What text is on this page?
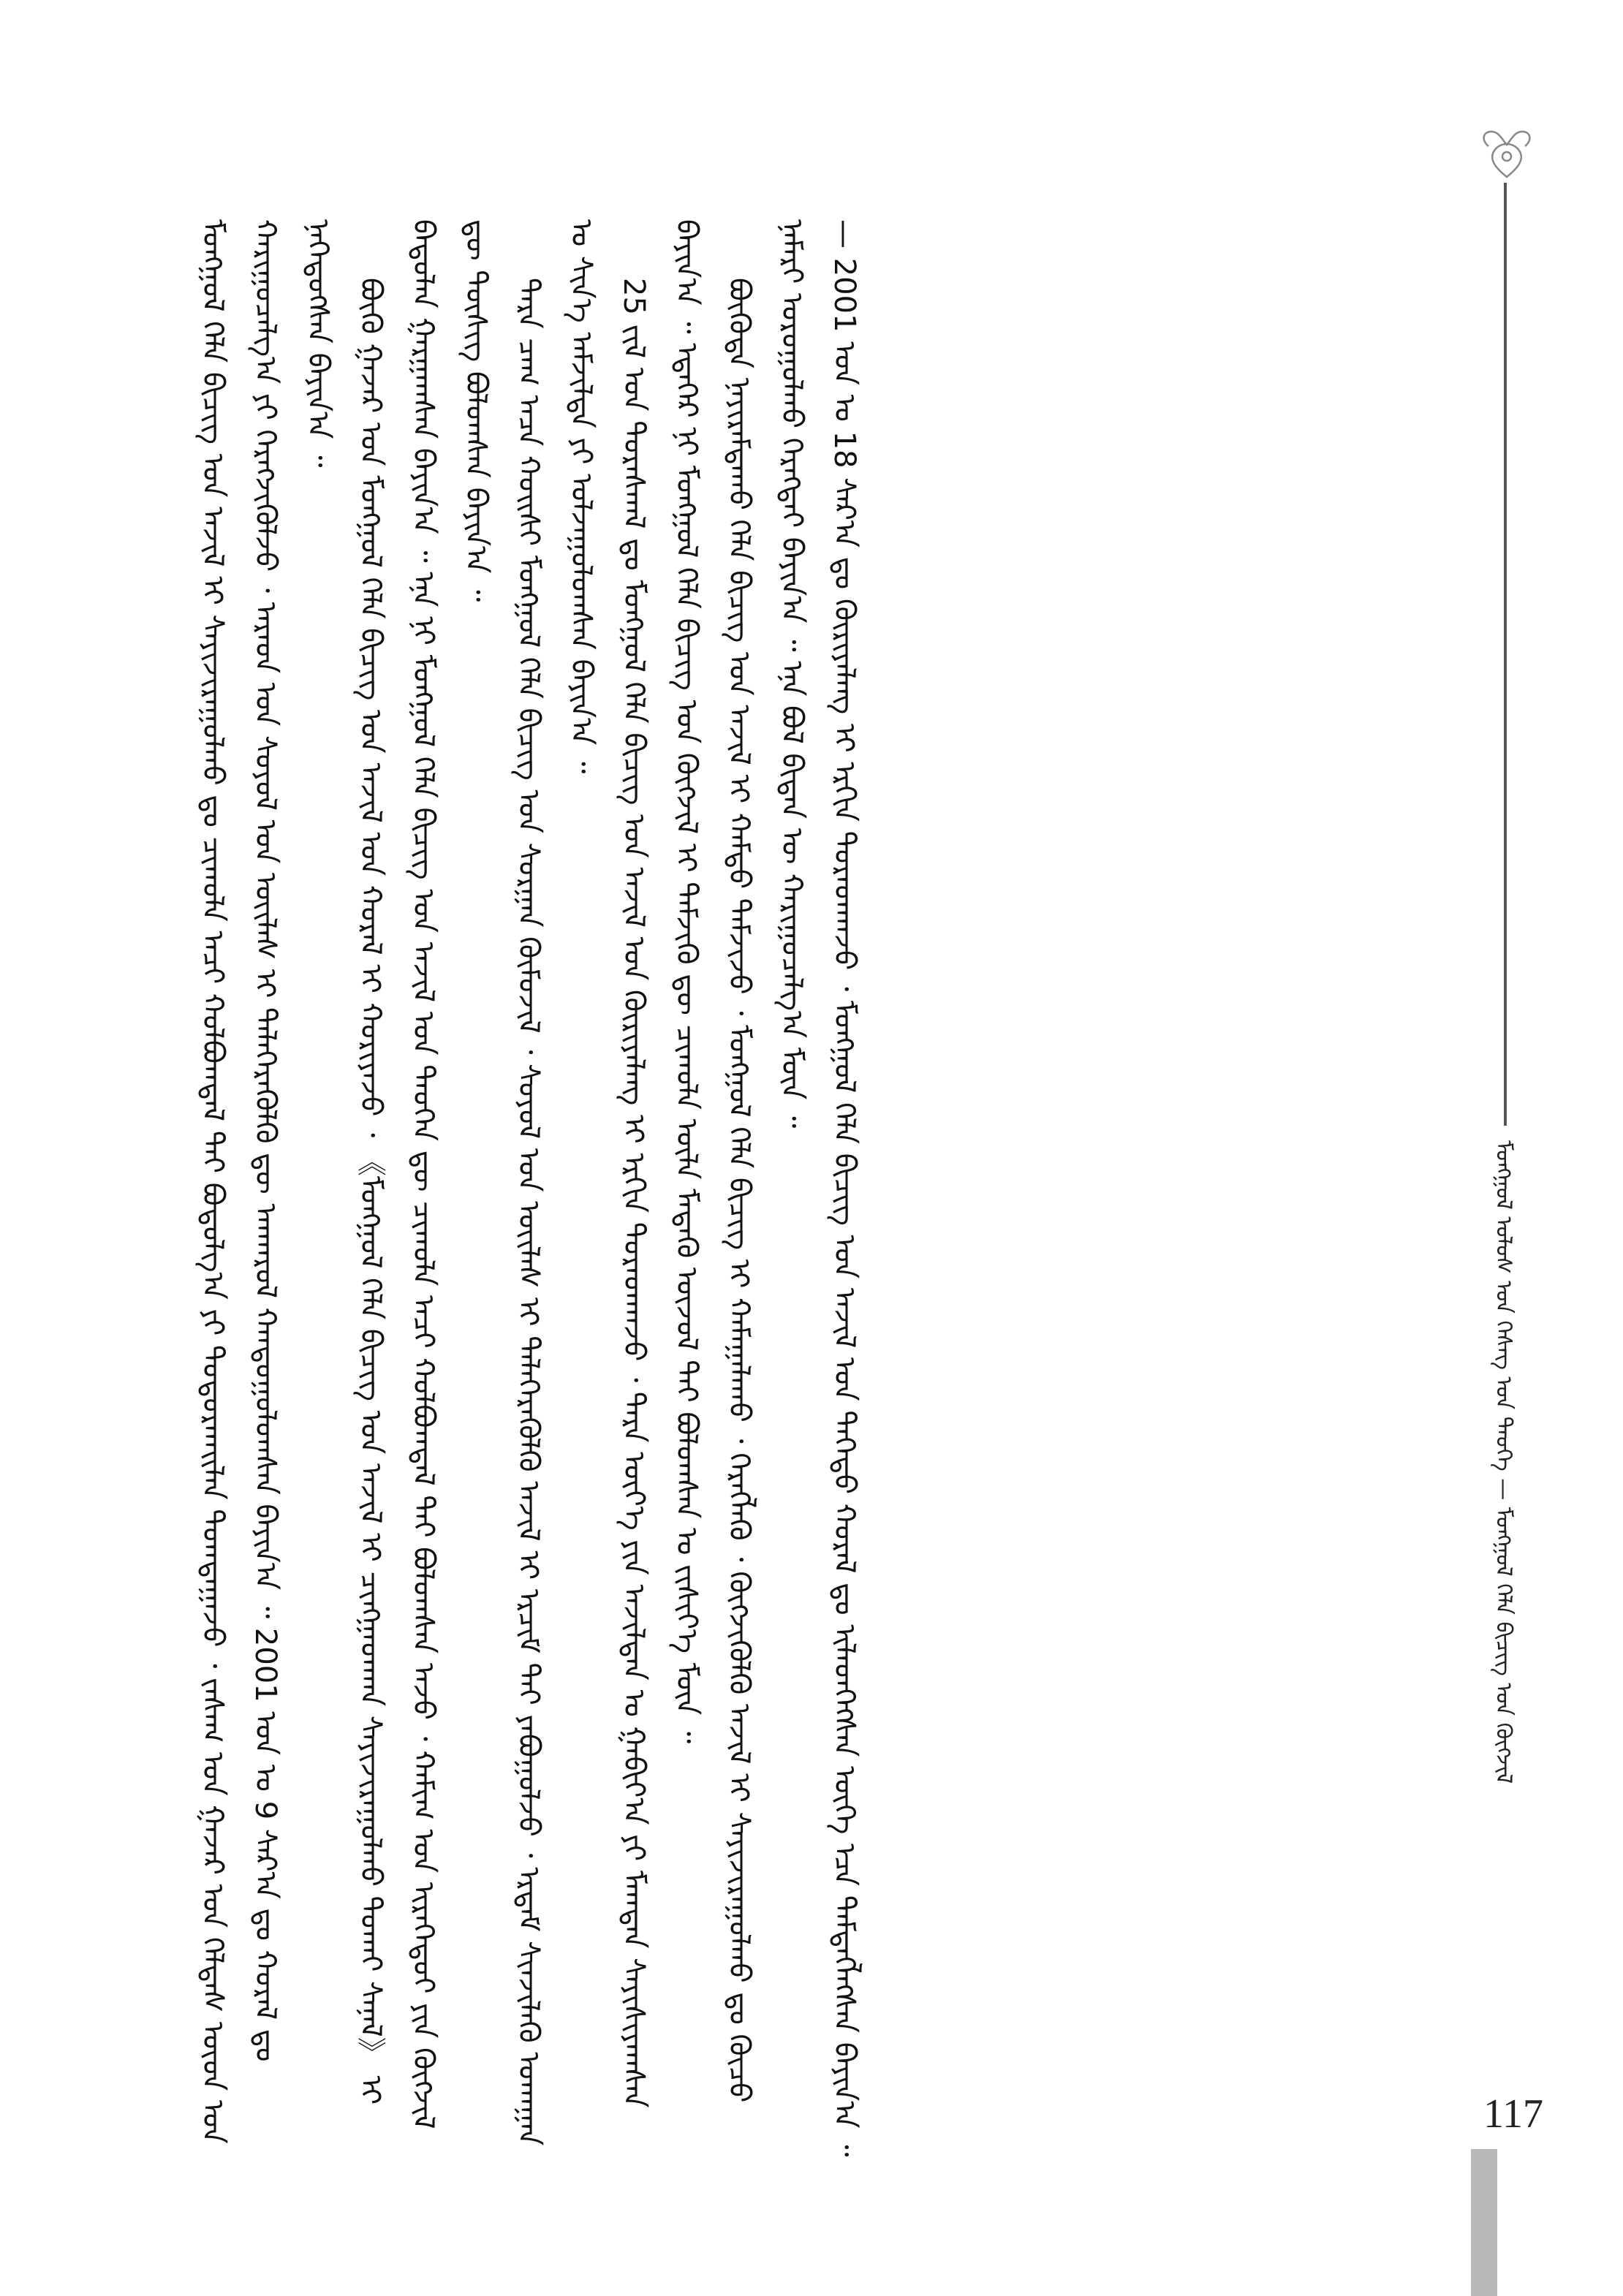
ᠮᠣᠩᠭᠣᠯ ᠤᠯᠤᠰ ᠤᠨ ᠬᠡᠰᠡᠭ ᠤᠨ ᠲᠡᠦᠬᠡ — ᠮᠣᠩᠭᠣᠯ ᠬᠡᠯᠡ ᠪᠢᠴᠢᠭ ᠤᠨ ᠬᠥᠭᠵᠢᠯ

ᠮᠣᠩᠭᠣᠯ ᠬᠡᠯᠡ ᠪᠢᠴᠢᠭ ᠤᠨ ᠠᠵᠢᠯ ᠢ ᠰᠠᠶᠢᠵᠢᠷᠠᠭᠤᠯᠬᠤ ᠳᠤ ᠴᠢᠬᠤᠯᠠ ᠠᠴᠢ ᠬᠣᠯᠪᠣᠭᠳᠠᠯ ᠲᠠᠢ ᠪᠣᠳᠣᠯᠭ᠎ᠠ ᠶᠢ ᠲᠣᠳᠣᠷᠬᠠᠢᠯᠠᠨ ᠲᠣᠭᠲᠠᠭᠠᠵᠤ ᠂ ᠵᠠᠰᠠᠭ ᠤᠨ ᠭᠠᠵᠠᠷ ᠤᠨ ᠬᠡᠯᠲᠡᠰ ᠦᠳ ᠤᠨ ᠬᠠᠷᠢᠭᠤᠴᠠᠯᠭ᠎ᠠ ᠶᠢ ᠬᠡᠷᠡᠭᠵᠢᠭᠦᠯᠵᠦ ᠂ ᠠᠷᠠᠳ ᠤᠨ ᠰᠣᠶᠣᠯ ᠤᠨ ᠦᠢᠯᠡᠰ ᠢ ᠳᠡᠯᠡᠭᠡᠷᠡᠭᠦᠯᠬᠦ ᠳᠦ ᠠᠨᠬᠠᠷᠤᠯ ᠬᠠᠨᠳᠤᠭᠤᠯᠤᠭᠰᠠᠨ ᠪᠠᠶᠢᠨ᠎ᠠ ᠃ 2001 ᠣᠨ ᠤ 9 ᠰᠠᠷ᠎ᠠ ᠳᠤ ᠬᠤᠷᠠᠯ ᠳᠤ ᠨᠡᠭᠡᠳᠦᠭᠰᠡᠨ ᠪᠠᠶᠢᠨ᠎ᠠ ᠃ ᠪᠦᠬᠦ ᠭᠠᠵᠠᠷ ᠤᠨ ᠮᠣᠩᠭᠣᠯ ᠬᠡᠯᠡ ᠪᠢᠴᠢᠭ ᠤᠨ ᠠᠵᠢᠯ ᠤᠨ ᠬᠤᠷᠠᠯ ᠢ ᠬᠤᠷᠢᠶᠠᠵᠤ ᠂ 《ᠮᠣᠩᠭᠣᠯ ᠬᠡᠯᠡ ᠪᠢᠴᠢᠭ ᠤᠨ ᠠᠵᠢᠯ ᠢ ᠴᠢᠩᠭᠠᠳᠬᠠᠨ ᠰᠠᠶᠢᠵᠢᠷᠠᠭᠤᠯᠬᠤ ᠲᠤᠬᠠᠢ ᠰᠠᠨᠠᠯ》 ᠢ ᠪᠠᠲᠤᠯᠠᠨ ᠭᠠᠷᠭᠠᠭᠰᠠᠨ ᠪᠠᠶᠢᠨ᠎ᠠ ᠃ ᠡᠨᠡ ᠨᠢ ᠮᠣᠩᠭᠣᠯ ᠬᠡᠯᠡ ᠪᠢᠴᠢᠭ ᠤᠨ ᠠᠵᠢᠯ ᠤᠨ ᠲᠡᠦᠬᠡᠨ ᠳᠦ ᠴᠢᠬᠤᠯᠠ ᠠᠴᠢ ᠬᠣᠯᠪᠣᠭᠳᠠᠯ ᠲᠠᠢ ᠪᠣᠯᠤᠭᠰᠠᠨ ᠠᠵᠤ ᠂ ᠬᠠᠮᠢᠭ ᠤᠨ ᠢᠷᠡᠭᠡᠳᠦᠢ ᠶᠢᠨ ᠬᠥᠭᠵᠢᠯ ᠳᠦ ᠲᠦᠰᠢᠭ ᠪᠣᠯᠤᠭᠰᠠᠨ ᠪᠠᠶᠢᠨ᠎ᠠ ᠃ ᠲᠡᠷᠡ ᠴᠠᠭ ᠠᠴᠠ ᠬᠤᠢᠰᠢ ᠮᠣᠩᠭᠣᠯ ᠬᠡᠯᠡ ᠪᠢᠴᠢᠭ ᠤᠨ ᠰᠤᠷᠭᠠᠨ ᠬᠥᠮᠦᠵᠢᠯ ᠂ ᠰᠣᠶᠣᠯ ᠤᠨ ᠦᠢᠯᠡᠰ ᠢ ᠳᠡᠯᠡᠭᠡᠷᠡᠭᠦᠯᠬᠦ ᠠᠵᠢᠯ ᠢ ᠡᠷᠴᠢᠮ ᠲᠡᠢ ᠶᠠᠪᠤᠭᠤᠯᠵᠤ ᠂ ᠡᠷᠳᠡᠮ ᠰᠢᠨᠵᠢᠯᠡᠬᠦ ᠤᠬᠠᠭᠠᠨ ᠤ ᠰᠢᠨ᠎ᠡ ᠠᠮᠵᠢᠯᠲᠠ ᠶᠢ ᠣᠯᠵᠠᠭᠤᠯᠤᠭᠰᠠᠨ ᠪᠠᠶᠢᠨ᠎ᠠ ᠃ 25 ᠵᠢᠯ ᠤᠨ ᠳᠤᠷᠠᠰᠬᠠᠯ ᠳᠤ ᠮᠣᠩᠭᠣᠯ ᠬᠡᠯᠡ ᠪᠢᠴᠢᠭ ᠤᠨ ᠠᠵᠢᠯ ᠤᠨ ᠬᠦᠷᠢᠶᠡᠯᠡᠩ ᠢ ᠡᠷᠭᠢᠨ ᠳᠤᠷᠠᠳᠬᠠᠵᠤ ᠂ ᠲᠡᠷᠡ ᠦᠶ᠎ᠡ ᠶᠢᠨ ᠠᠵᠢᠯᠲᠠᠨ ᠤ ᠭᠠᠪᠢᠶ᠎ᠠ ᠶᠢ ᠮᠠᠭᠲᠠᠨ ᠰᠠᠶᠢᠰᠢᠶᠠᠭᠰᠠᠨ ᠪᠠᠶᠢᠨ᠎ᠠ ᠃ ᠡᠳᠡᠭᠡᠷ ᠨᠢ ᠮᠣᠩᠭᠣᠯ ᠬᠡᠯᠡ ᠪᠢᠴᠢᠭ ᠤᠨ ᠬᠥᠭᠵᠢᠯ ᠢ ᠳᠡᠮᠵᠢᠬᠦ ᠳᠦ ᠴᠢᠬᠤᠯᠠ ᠦᠯᠡ ᠮᠡᠳᠡᠬᠦ ᠦᠵᠦᠯ ᠲᠡᠢ ᠪᠣᠯᠤᠭᠰᠠᠨ ᠤ ᠵᠢᠱᠢᠶ᠎ᠡ ᠮᠦᠨ ᠃ ᠪᠦᠭᠦᠳᠡ ᠨᠠᠶᠢᠷᠠᠮᠳᠠᠬᠤ ᠬᠡᠯᠡ ᠪᠢᠴᠢᠭ ᠤᠨ ᠠᠵᠢᠯ ᠢ ᠬᠠᠮᠲᠤ ᠳᠡᠮᠵᠢᠵᠦ ᠂ ᠮᠣᠩᠭᠣᠯ ᠬᠡᠯᠡ ᠪᠢᠴᠢᠭ ᠢ ᠬᠠᠮᠠᠭᠠᠯᠠᠬᠤ ᠂ ᠬᠡᠷᠡᠭᠯᠡᠬᠦ ᠂ ᠬᠥᠭᠵᠢᠭᠦᠯᠬᠦ ᠠᠵᠢᠯ ᠢ ᠰᠠᠶᠢᠵᠢᠷᠠᠭᠤᠯᠬᠤ ᠳᠤ ᠬᠦᠴᠦ ᠨᠡᠮᠡᠷᠢ ᠣᠷᠣᠭᠤᠯᠬᠤ ᠬᠡᠷᠡᠭᠲᠡᠢ ᠪᠠᠶᠢᠨ᠎ᠠ ᠃ ᠡᠨᠡ ᠪᠣᠯ ᠪᠢᠳᠡᠨ ᠦ ᠬᠠᠷᠢᠭᠤᠴᠠᠯᠭ᠎ᠠ ᠮᠥᠨ ᠃ — 2001 ᠣᠨ ᠤ 18 ᠰᠠᠷ᠎ᠠ ᠳᠤ ᠬᠦᠷᠢᠶᠡᠯᠡᠩ ᠢ ᠡᠷᠭᠢᠨ ᠳᠤᠷᠠᠳᠬᠠᠵᠤ ᠂ ᠮᠣᠩᠭᠣᠯ ᠬᠡᠯᠡ ᠪᠢᠴᠢᠭ ᠤᠨ ᠠᠵᠢᠯ ᠤᠨ ᠳᠡᠭᠡᠳᠦ ᠬᠤᠷᠠᠯ ᠳᠤ ᠢᠯᠡᠳᠬᠡᠭᠰᠡᠨ ᠦᠭᠡ ᠡᠴᠡ ᠲᠡᠮᠳᠡᠭᠯᠡᠭᠰᠡᠨ ᠪᠠᠶᠢᠨ᠎ᠠ ᠃	117
